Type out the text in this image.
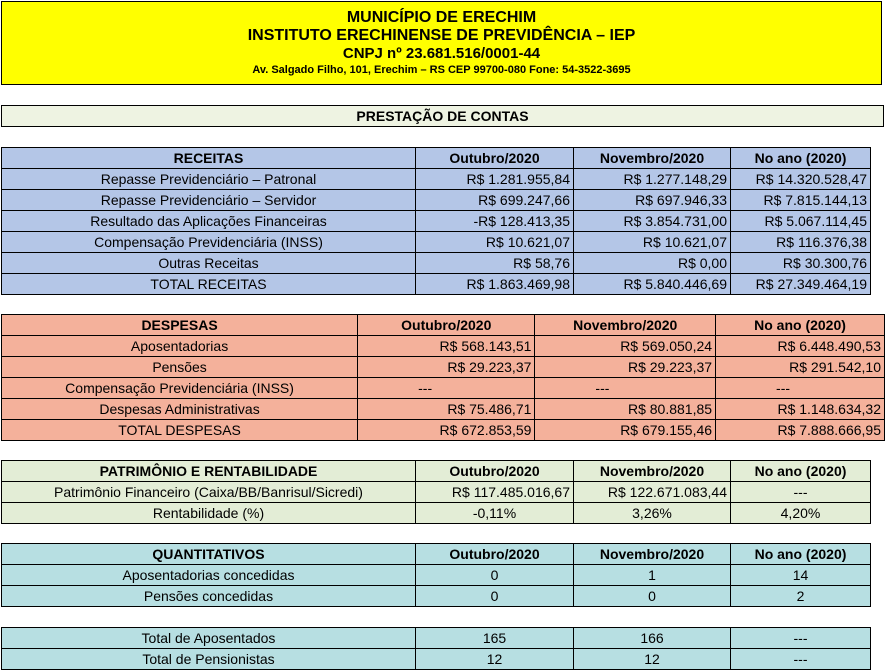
MUNICÍPIO DE ERECHIM
INSTITUTO ERECHINENSE DE PREVIDÊNCIA – IEP
CNPJ nº 23.681.516/0001-44
Av. Salgado Filho, 101, Erechim – RS CEP 99700-080 Fone: 54-3522-3695
PRESTAÇÃO DE CONTAS
RECEITAS	Outubro/2020	Novembro/2020	No ano (2020)
Repasse Previdenciário – Patronal	R$ 1.281.955,84	R$ 1.277.148,29	R$ 14.320.528,47
Repasse Previdenciário – Servidor	R$ 699.247,66	R$ 697.946,33	R$ 7.815.144,13
Resultado das Aplicações Financeiras	-R$ 128.413,35	R$ 3.854.731,00	R$ 5.067.114,45
Compensação Previdenciária (INSS)	R$ 10.621,07	R$ 10.621,07	R$ 116.376,38
Outras Receitas	R$ 58,76	R$ 0,00	R$ 30.300,76
TOTAL RECEITAS	R$ 1.863.469,98	R$ 5.840.446,69	R$ 27.349.464,19
DESPESAS	Outubro/2020	Novembro/2020	No ano (2020)
Aposentadorias	R$ 568.143,51	R$ 569.050,24	R$ 6.448.490,53
Pensões	R$ 29.223,37	R$ 29.223,37	R$ 291.542,10
Compensação Previdenciária (INSS)	---	---	---
Despesas Administrativas	R$ 75.486,71	R$ 80.881,85	R$ 1.148.634,32
TOTAL DESPESAS	R$ 672.853,59	R$ 679.155,46	R$ 7.888.666,95
PATRIMÔNIO E RENTABILIDADE	Outubro/2020	Novembro/2020	No ano (2020)
Patrimônio Financeiro (Caixa/BB/Banrisul/Sicredi)	R$ 117.485.016,67	R$ 122.671.083,44	---
Rentabilidade (%)	-0,11%	3,26%	4,20%
QUANTITATIVOS	Outubro/2020	Novembro/2020	No ano (2020)
Aposentadorias concedidas	0	1	14
Pensões concedidas	0	0	2
Total de Aposentados	165	166	---
Total de Pensionistas	12	12	---
